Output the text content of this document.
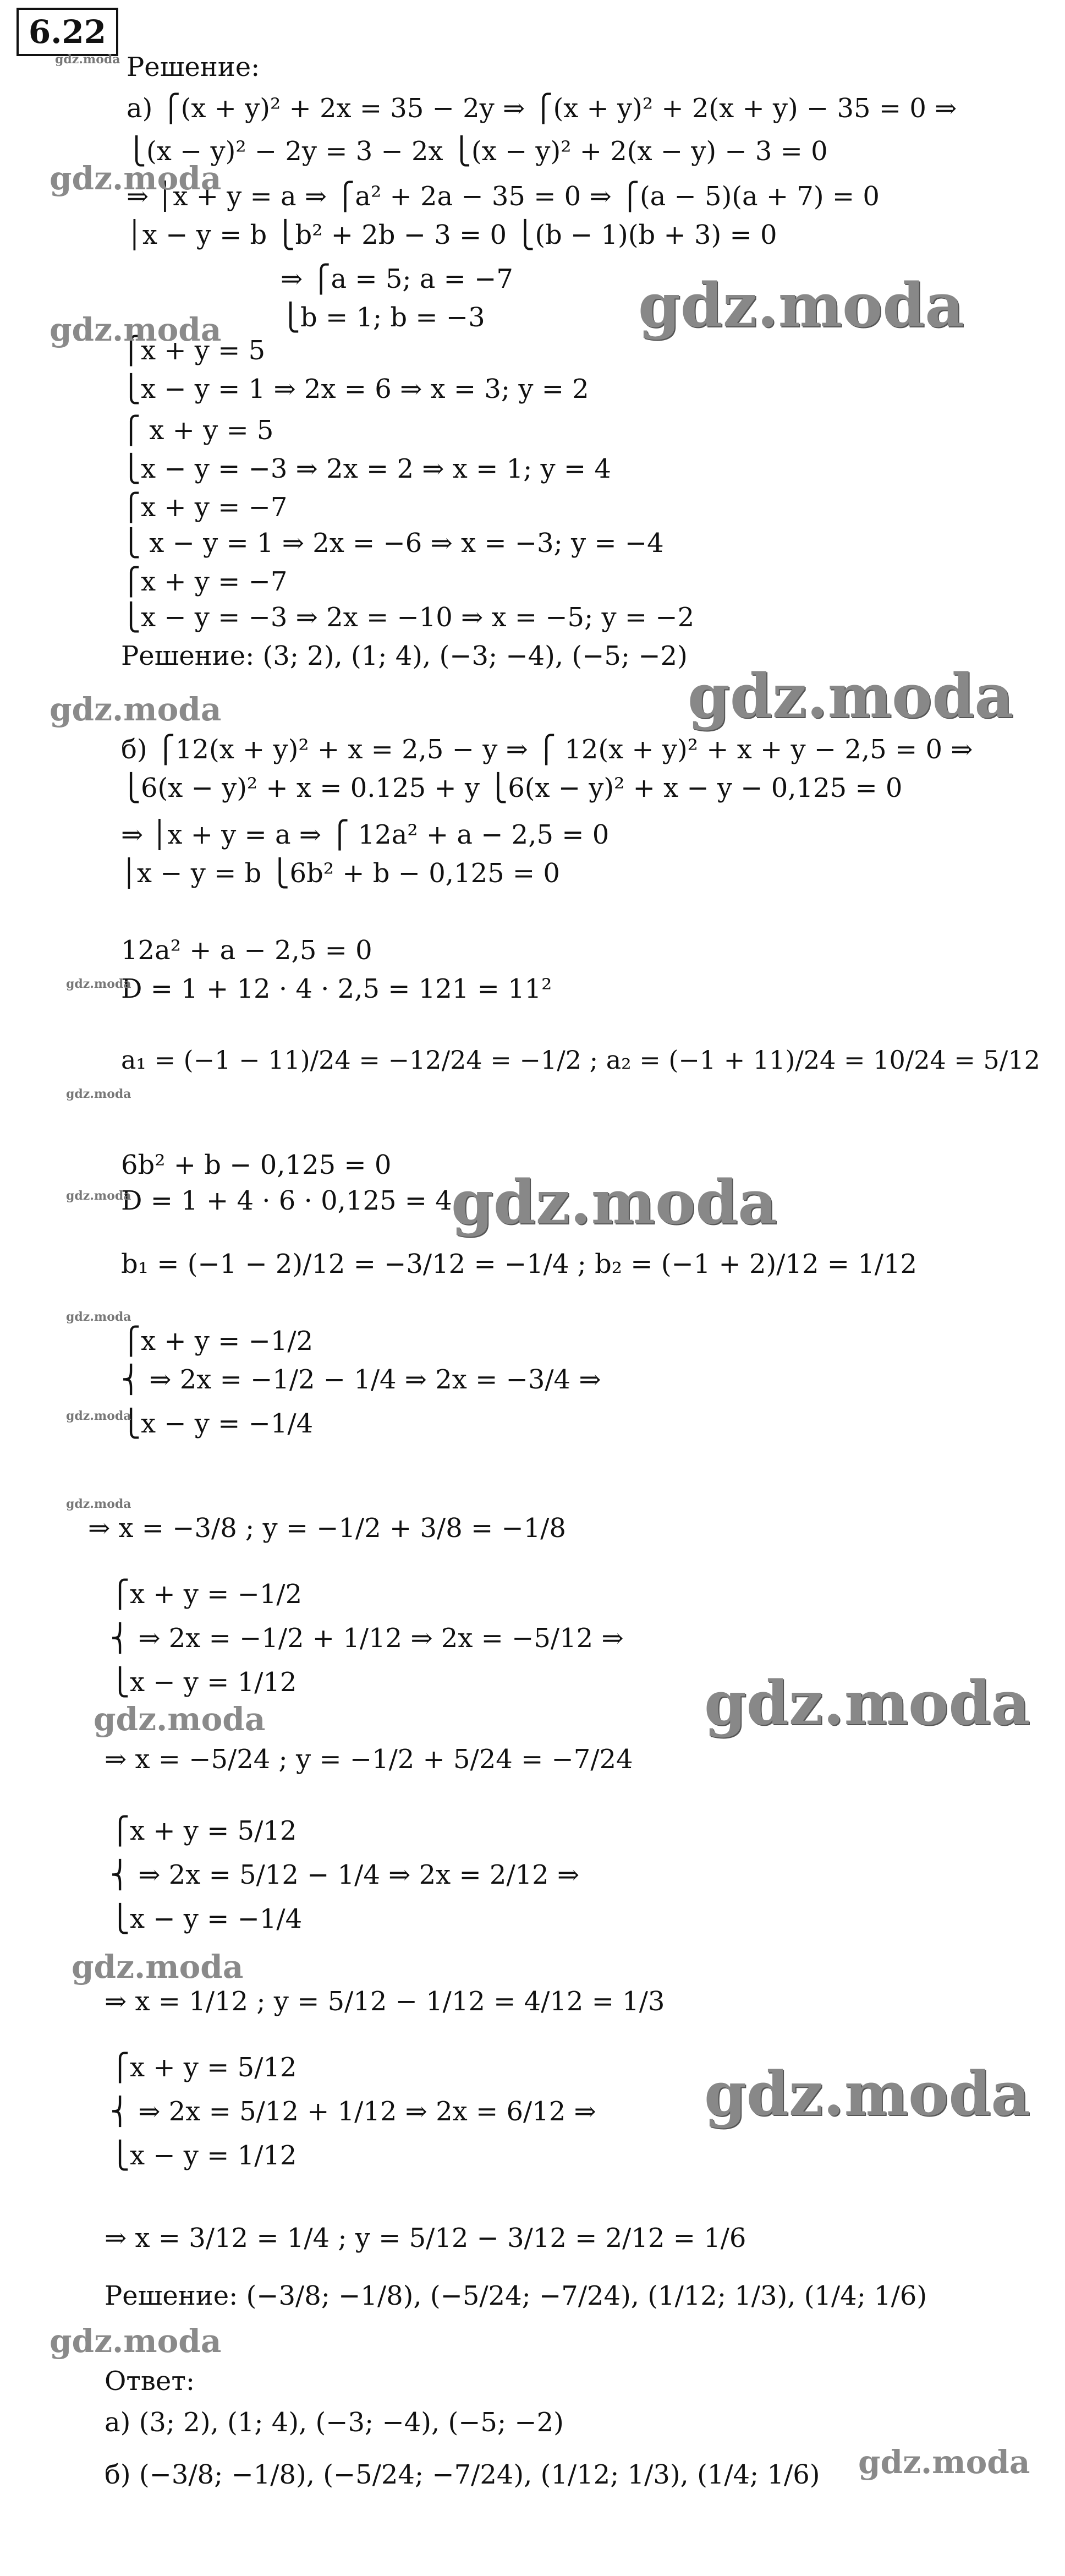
6.22
Решение:
а) ⎧(x + y)² + 2x = 35 − 2y ⇒ ⎧(x + y)² + 2(x + y) − 35 = 0 ⇒
⎩(x − y)² − 2y = 3 − 2x ⎩(x − y)² + 2(x − y) − 3 = 0
⇒ │x + y = a ⇒ ⎧a² + 2a − 35 = 0 ⇒ ⎧(a − 5)(a + 7) = 0
│x − y = b ⎩b² + 2b − 3 = 0 ⎩(b − 1)(b + 3) = 0
⇒ ⎧a = 5; a = −7
⎩b = 1; b = −3
⎧x + y = 5
⎩x − y = 1 ⇒ 2x = 6 ⇒ x = 3; y = 2
⎧ x + y = 5
⎩x − y = −3 ⇒ 2x = 2 ⇒ x = 1; y = 4
⎧x + y = −7
⎩ x − y = 1 ⇒ 2x = −6 ⇒ x = −3; y = −4
⎧x + y = −7
⎩x − y = −3 ⇒ 2x = −10 ⇒ x = −5; y = −2
Решение: (3; 2), (1; 4), (−3; −4), (−5; −2)
б) ⎧12(x + y)² + x = 2,5 − y ⇒ ⎧ 12(x + y)² + x + y − 2,5 = 0 ⇒
⎩6(x − y)² + x = 0.125 + y ⎩6(x − y)² + x − y − 0,125 = 0
⇒ │x + y = a ⇒ ⎧ 12a² + a − 2,5 = 0
│x − y = b ⎩6b² + b − 0,125 = 0
12a² + a − 2,5 = 0
D = 1 + 12 · 4 · 2,5 = 121 = 11²
a₁ = (−1 − 11)/24 = −12/24 = −1/2 ; a₂ = (−1 + 11)/24 = 10/24 = 5/12
6b² + b − 0,125 = 0
D = 1 + 4 · 6 · 0,125 = 4
b₁ = (−1 − 2)/12 = −3/12 = −1/4 ; b₂ = (−1 + 2)/12 = 1/12
⎧x + y = −1/2
⎨ ⇒ 2x = −1/2 − 1/4 ⇒ 2x = −3/4 ⇒
⎩x − y = −1/4
⇒ x = −3/8 ; y = −1/2 + 3/8 = −1/8
⎧x + y = −1/2
⎨ ⇒ 2x = −1/2 + 1/12 ⇒ 2x = −5/12 ⇒
⎩x − y = 1/12
⇒ x = −5/24 ; y = −1/2 + 5/24 = −7/24
⎧x + y = 5/12
⎨ ⇒ 2x = 5/12 − 1/4 ⇒ 2x = 2/12 ⇒
⎩x − y = −1/4
⇒ x = 1/12 ; y = 5/12 − 1/12 = 4/12 = 1/3
⎧x + y = 5/12
⎨ ⇒ 2x = 5/12 + 1/12 ⇒ 2x = 6/12 ⇒
⎩x − y = 1/12
⇒ x = 3/12 = 1/4 ; y = 5/12 − 3/12 = 2/12 = 1/6
Решение: (−3/8; −1/8), (−5/24; −7/24), (1/12; 1/3), (1/4; 1/6)
Ответ:
а) (3; 2), (1; 4), (−3; −4), (−5; −2)
б) (−3/8; −1/8), (−5/24; −7/24), (1/12; 1/3), (1/4; 1/6)
gdz.moda
gdz.moda
gdz.moda	gdz.moda
gdz.moda	gdz.moda
gdz.moda
gdz.moda
gdz.moda	gdz.moda
gdz.moda
gdz.moda
gdz.moda
gdz.moda
gdz.moda
gdz.moda
gdz.moda
gdz.moda
gdz.moda
